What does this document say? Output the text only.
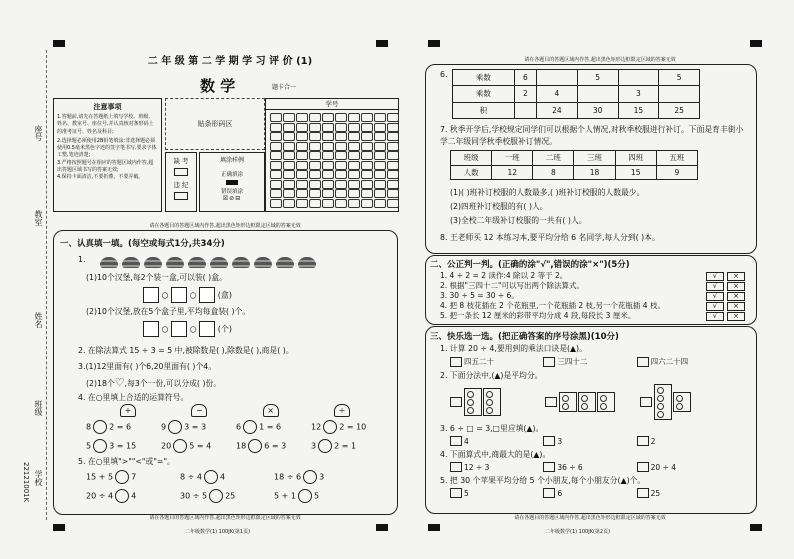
座号
教室
姓名
班级
学校
22121001K
二 年 级 第 二 学 期 学 习 评 价 (1)
数 学	题卡合一
注意事项
1.答题前,请先在答题纸上填写学校、班级、姓名、教室号、座位号,并认真核对条形码上的准考证号、姓名及科目;
2.选择题必须使用2B铅笔填涂;非选择题必须使用0.5毫米黑色字迹的签字笔书写,要求字体工整,笔迹清楚;
3.严格按照题号在相应的答题区域内作答,超出答题区域书写的答案无效;
4.保持卡面清洁,不要折叠、不要弄破。
贴条形码区
缺 考
违 纪
填涂样例
正确填涂
错误填涂
☒⊘⊟
学号
请在各题目的答题区域内作答,超出黑色矩形边框限定区域的答案无效
一、认真填一填。(每空或每式1分,共34分)
1.
(1)10个汉堡,每2个装一盒,可以装( )盒。
○  ○  (盒)
(2)10个汉堡,放在5个盒子里,平均每盒装( )个。
○  ○  (个)
2. 在除法算式 15 ÷ 3 = 5 中,被除数是( ),除数是( ),商是( )。
3.(1)12里面有( )个6,20里面有( )个4。
(2)18个♡,每3个一份,可以分成( )份。
4. 在○里填上合适的运算符号。
+	−	×	÷
8 2 = 6	9 3 = 3	6 1 = 6	12 2 = 10
5 3 = 15	20 5 = 4	18 6 = 3	3 2 = 1
5. 在○里填">""<"或"="。
15 + 5 7	8 ÷ 4 4	18 ÷ 6 3
20 ÷ 4 4	30 ÷ 5 25	5 + 1 5
请在各题目的答题区域内作答,超出黑色矩形边框限定区域的答案无效
二年级数学(1) 100JK(第1页)
请在各题目的答题区域内作答,超出黑色矩形边框限定区域的答案无效
6.	乘数	6		5		5
乘数	2	4		3	
积		24	30	15	25
7. 秋季开学后,学校规定同学们可以根据个人情况,对秋季校服进行补订。下面是育丰街小学二年级同学秋季校服补订情况。
班级	一班	二班	三班	四班	五班
人数	12	8	18	15	9
(1)( )班补订校服的人数最多,( )班补订校服的人数最少。
(2)四班补订校服的有( )人。
(3)全校二年级补订校服的一共有( )人。
8. 王老师买 12 本练习本,要平均分给 6 名同学,每人分到( )本。
二、公正判一判。(正确的涂"√",错误的涂"×")(5分)
1. 4 ÷ 2 = 2 读作:4 除以 2 等于 2。	√ ×
2. 根据"三四十二"可以写出两个除法算式。	√ ×
3. 30 ÷ 5 = 30 ÷ 6。	√ ×
4. 把 8 枝花插在 2 个花瓶里,一个花瓶插 2 枝,另一个花瓶插 4 枝。	√ ×
5. 把一条长 12 厘米的彩带平均分成 4 段,每段长 3 厘米。	√ ×
三、快乐选一选。(把正确答案的序号涂黑)(10分)
1. 计算 20 ÷ 4,要用到的乘法口诀是(▲)。
四五二十	三四十二	四六二十四
2. 下面分法中,(▲)是平均分。
3. 6 ÷ □ = 3,□里应填(▲)。
4	3	2
4. 下面算式中,商最大的是(▲)。
12 ÷ 3	36 ÷ 6	20 ÷ 4
5. 把 30 个苹果平均分给 5 个小朋友,每个小朋友分(▲)个。
5	6	25
请在各题目的答题区域内作答,超出黑色矩形边框限定区域的答案无效
二年级数学(1) 100JK(第2页)
